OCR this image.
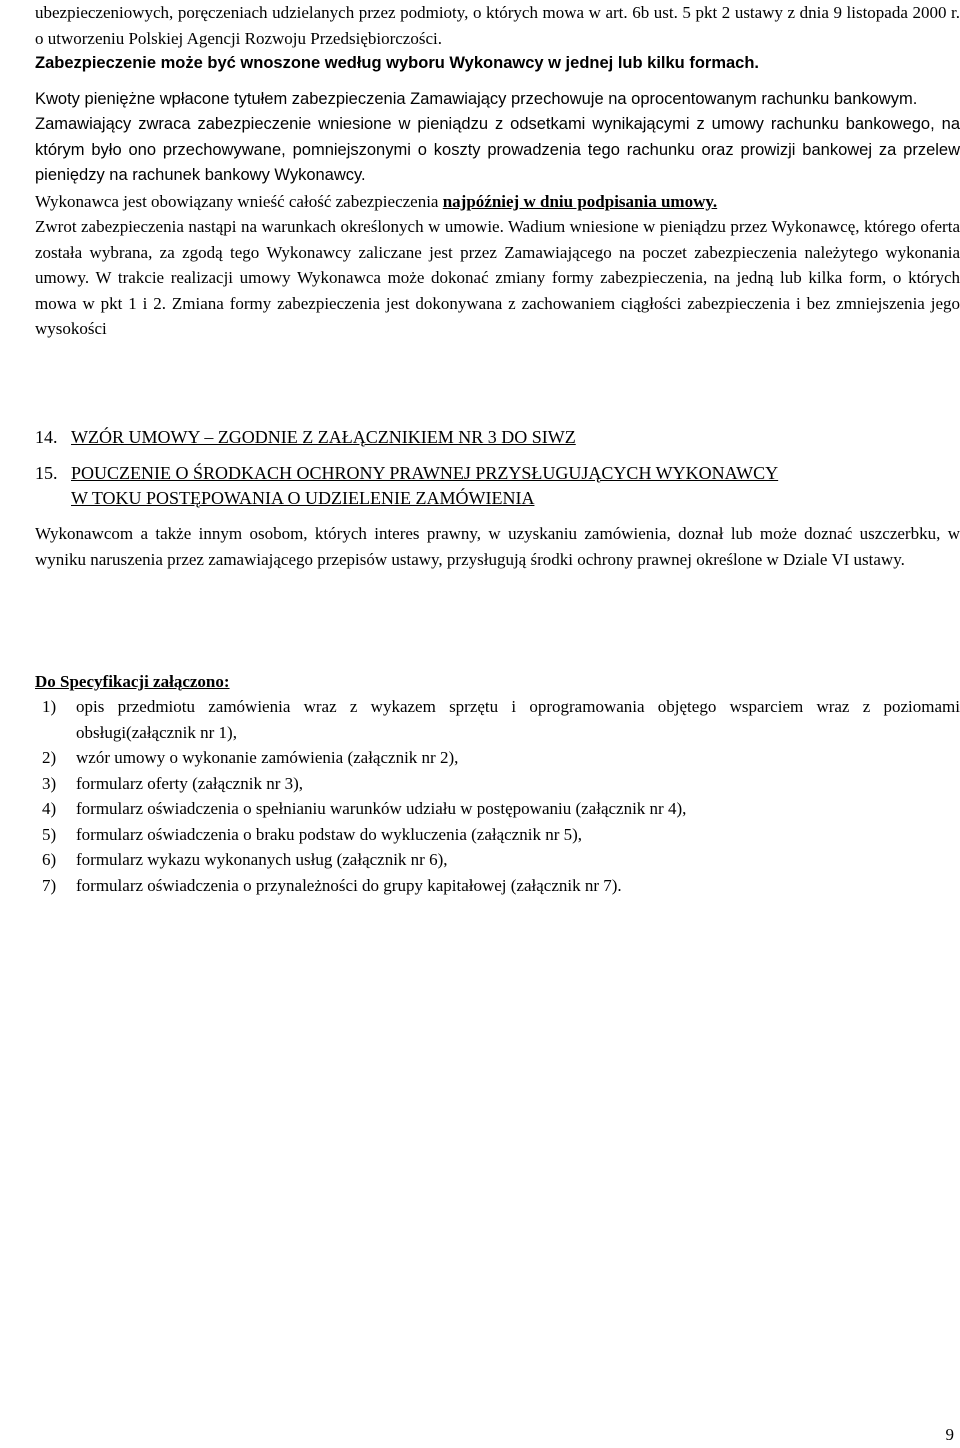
ubezpieczeniowych, poręczeniach udzielanych przez podmioty, o których mowa w art. 6b ust. 5 pkt 2 ustawy z dnia 9 listopada 2000 r. o utworzeniu Polskiej Agencji Rozwoju Przedsiębiorczości.

Zabezpieczenie może być wnoszone według wyboru Wykonawcy w jednej lub kilku formach.

Kwoty pieniężne wpłacone tytułem zabezpieczenia Zamawiający przechowuje na oprocentowanym rachunku bankowym.

Zamawiający zwraca zabezpieczenie wniesione w pieniądzu z odsetkami wynikającymi z umowy rachunku bankowego, na którym było ono przechowywane, pomniejszonymi o koszty prowadzenia tego rachunku oraz prowizji bankowej za przelew pieniędzy na rachunek bankowy Wykonawcy.

Wykonawca jest obowiązany wnieść całość zabezpieczenia najpóźniej w dniu podpisania umowy.

Zwrot zabezpieczenia nastąpi na warunkach określonych w umowie. Wadium wniesione w pieniądzu przez Wykonawcę, którego oferta została wybrana, za zgodą tego Wykonawcy zaliczane jest przez Zamawiającego na poczet zabezpieczenia należytego wykonania umowy. W trakcie realizacji umowy Wykonawca może dokonać zmiany formy zabezpieczenia, na jedną lub kilka form, o których mowa w pkt 1 i 2. Zmiana formy zabezpieczenia jest dokonywana z zachowaniem ciągłości zabezpieczenia i bez zmniejszenia jego wysokości

14. WZÓR UMOWY – ZGODNIE Z ZAŁĄCZNIKIEM NR 3 DO SIWZ
15. POUCZENIE O ŚRODKACH OCHRONY PRAWNEJ PRZYSŁUGUJĄCYCH WYKONAWCY
W TOKU POSTĘPOWANIA O UDZIELENIE ZAMÓWIENIA

Wykonawcom a także innym osobom, których interes prawny, w uzyskaniu zamówienia, doznał lub może doznać uszczerbku, w wyniku naruszenia przez zamawiającego przepisów ustawy, przysługują środki ochrony prawnej określone w Dziale VI ustawy.

Do Specyfikacji załączono:

1) opis przedmiotu zamówienia wraz z wykazem sprzętu i oprogramowania objętego wsparciem wraz z poziomami obsługi(załącznik nr 1),
2) wzór umowy o wykonanie zamówienia (załącznik nr 2),
3) formularz oferty (załącznik nr 3),
4) formularz oświadczenia o spełnianiu warunków udziału w postępowaniu (załącznik nr 4),
5) formularz oświadczenia o braku podstaw do wykluczenia (załącznik nr 5),
6) formularz wykazu wykonanych usług (załącznik nr 6),
7) formularz oświadczenia o przynależności do grupy kapitałowej (załącznik nr 7).
9
